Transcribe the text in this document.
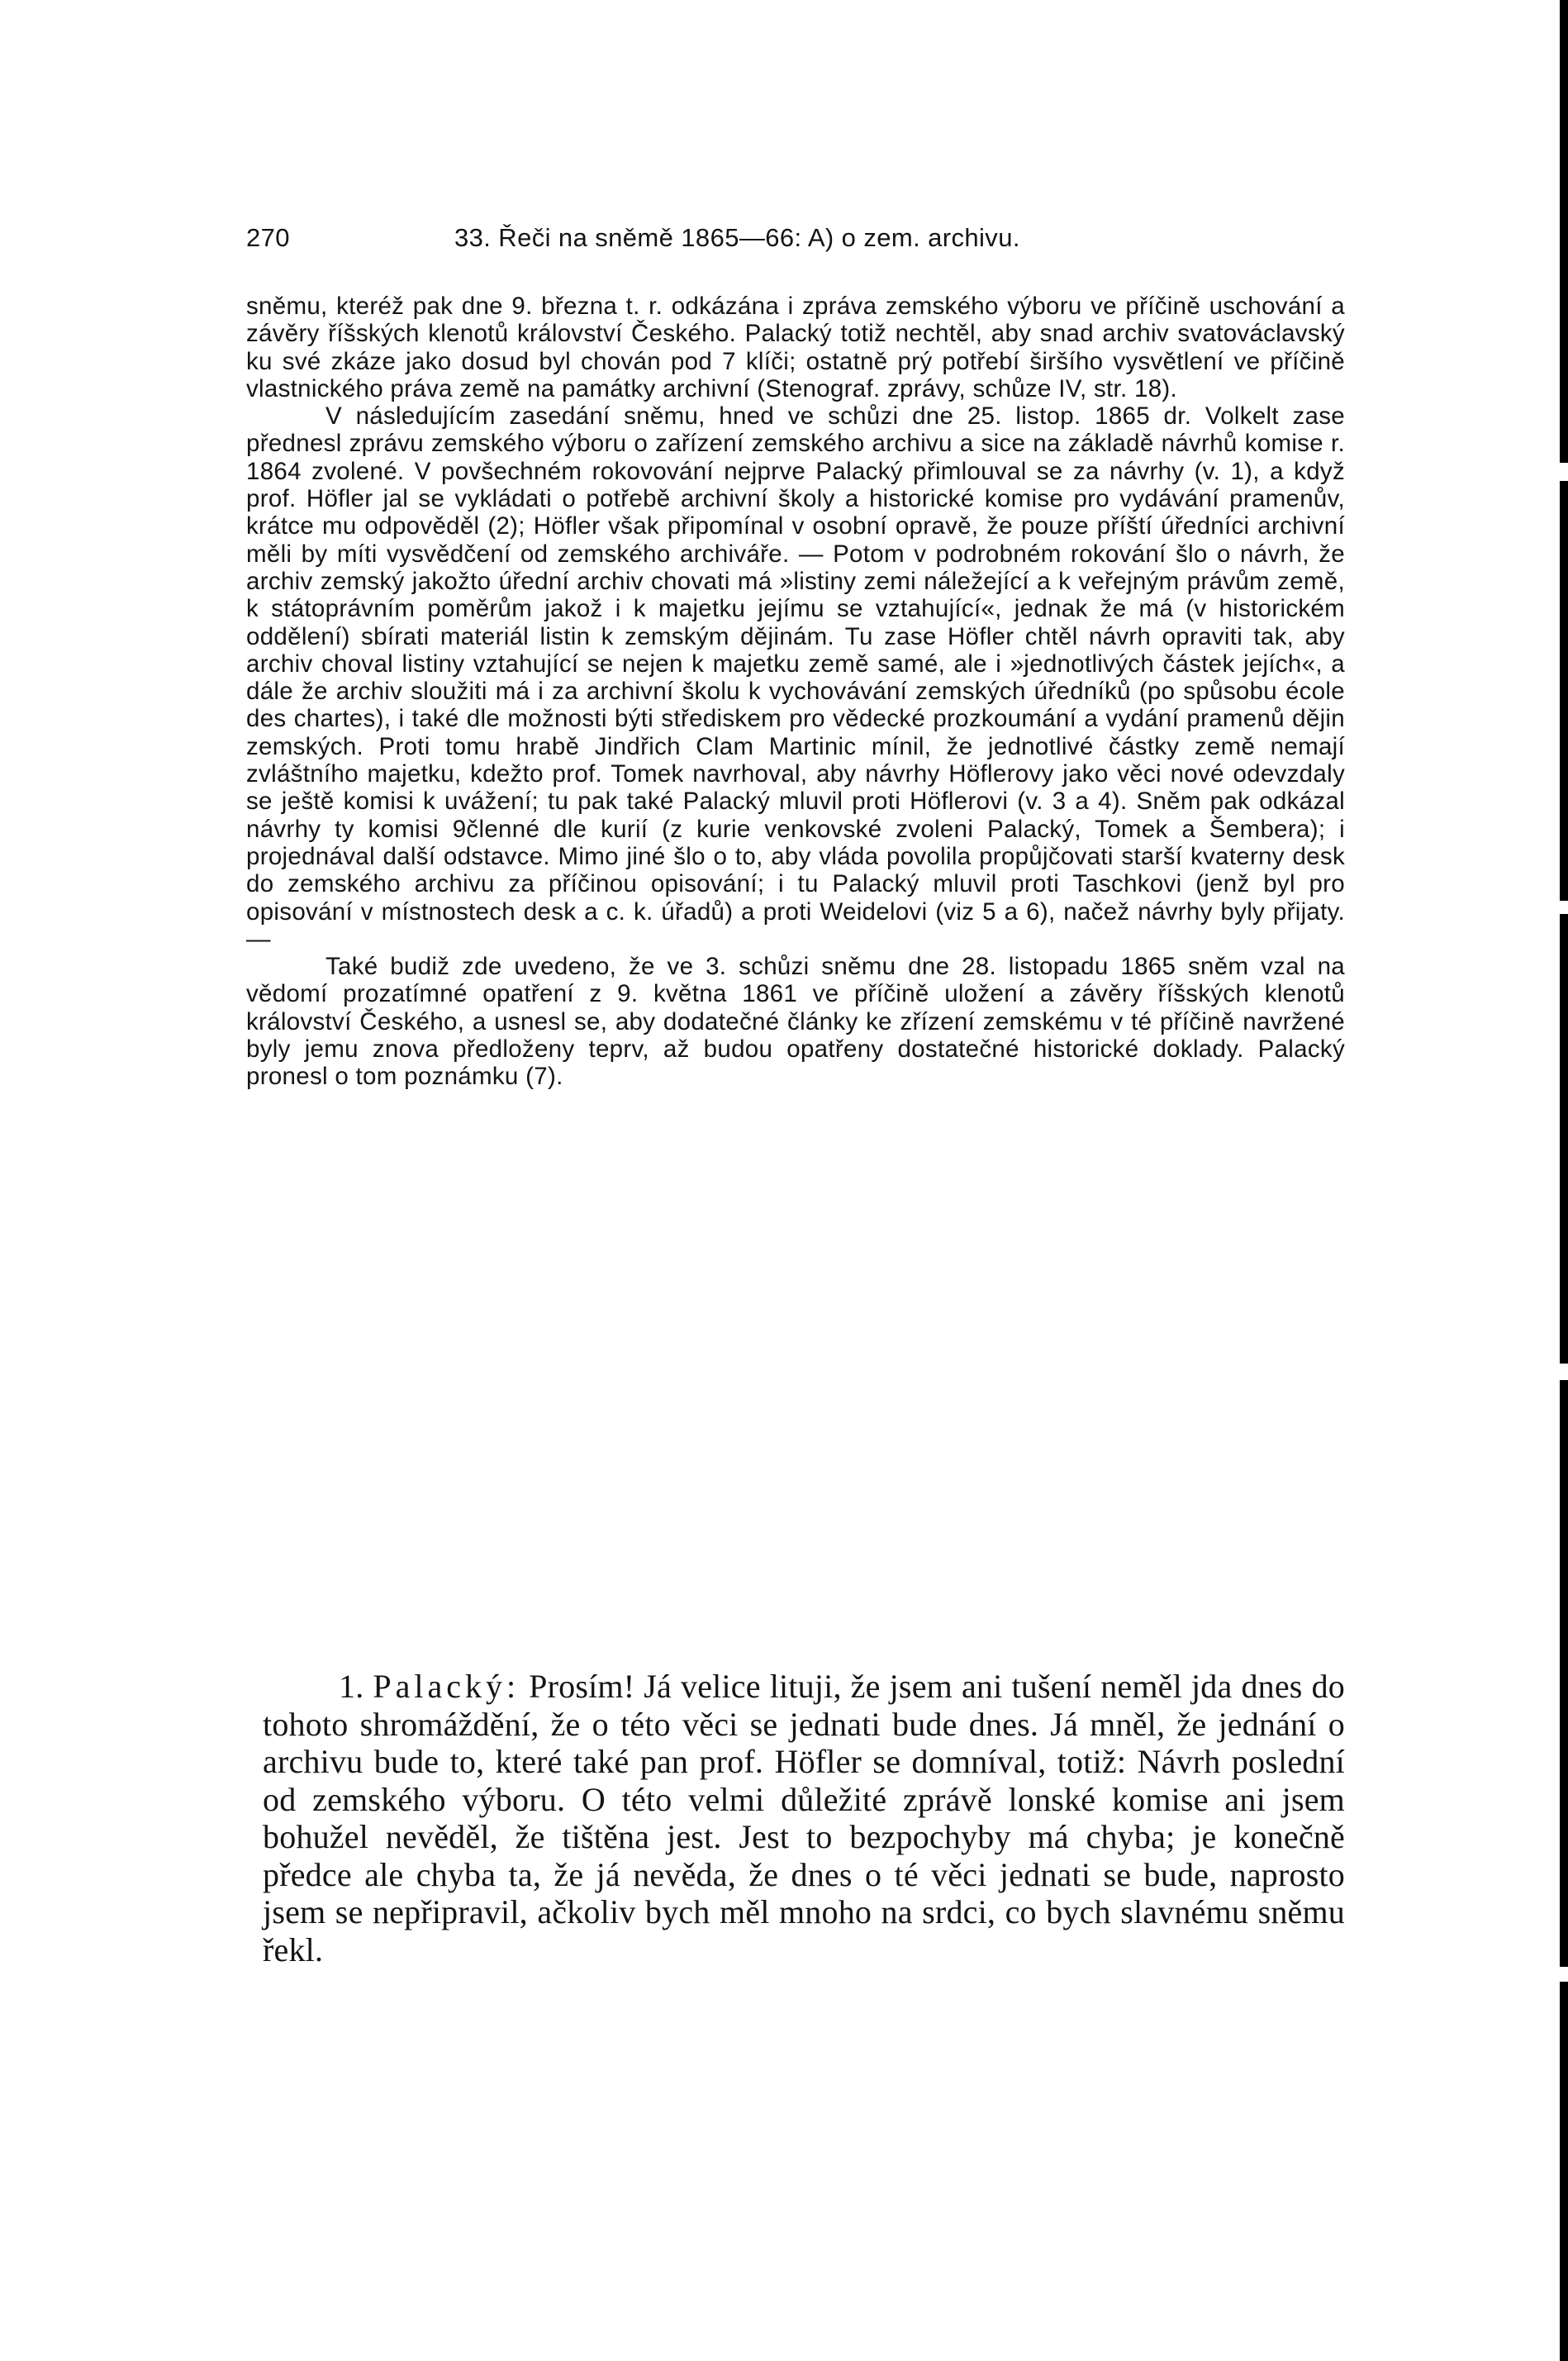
270	33. Řeči na sněmě 1865—66: A) o zem. archivu.

sněmu, kteréž pak dne 9. března t. r. odkázána i zpráva zemského výboru ve příčině uschování a závěry říšských klenotů království Českého. Palacký totiž nechtěl, aby snad archiv svatováclavský ku své zkáze jako dosud byl chován pod 7 klíči; ostatně prý potřebí širšího vysvětlení ve příčině vlastnického práva země na památky archivní (Stenograf. zprávy, schůze IV, str. 18).

V následujícím zasedání sněmu, hned ve schůzi dne 25. listop. 1865 dr. Volkelt zase přednesl zprávu zemského výboru o zařízení zemského archivu a sice na základě návrhů komise r. 1864 zvolené. V povšechném rokovování nejprve Palacký přimlouval se za návrhy (v. 1), a když prof. Höfler jal se vykládati o potřebě archivní školy a historické komise pro vydávání pramenův, krátce mu odpověděl (2); Höfler však připomínal v osobní opravě, že pouze příští úředníci archivní měli by míti vysvědčení od zemského archiváře. — Potom v podrobném rokování šlo o návrh, že archiv zemský jakožto úřední archiv chovati má »listiny zemi náležející a k veřejným právům země, k státoprávním poměrům jakož i k majetku jejímu se vztahující«, jednak že má (v historickém oddělení) sbírati materiál listin k zemským dějinám. Tu zase Höfler chtěl návrh opraviti tak, aby archiv choval listiny vztahující se nejen k majetku země samé, ale i »jednotlivých částek jejích«, a dále že archiv sloužiti má i za archivní školu k vychovávání zemských úředníků (po spůsobu école des chartes), i také dle možnosti býti střediskem pro vědecké prozkoumání a vydání pramenů dějin zemských. Proti tomu hrabě Jindřich Clam Martinic mínil, že jednotlivé částky země nemají zvláštního majetku, kdežto prof. Tomek navrhoval, aby návrhy Höflerovy jako věci nové odevzdaly se ještě komisi k uvážení; tu pak také Palacký mluvil proti Höflerovi (v. 3 a 4). Sněm pak odkázal návrhy ty komisi 9členné dle kurií (z kurie venkovské zvoleni Palacký, Tomek a Šembera); i projednával další odstavce. Mimo jiné šlo o to, aby vláda povolila propůjčovati starší kvaterny desk do zemského archivu za příčinou opisování; i tu Palacký mluvil proti Taschkovi (jenž byl pro opisování v místnostech desk a c. k. úřadů) a proti Weidelovi (viz 5 a 6), načež návrhy byly přijaty. —

Také budiž zde uvedeno, že ve 3. schůzi sněmu dne 28. listopadu 1865 sněm vzal na vědomí prozatímné opatření z 9. května 1861 ve příčině uložení a závěry říšských klenotů království Českého, a usnesl se, aby dodatečné články ke zřízení zemskému v té příčině navržené byly jemu znova předloženy teprv, až budou opatřeny dostatečné historické doklady. Palacký pronesl o tom poznámku (7).

1. Palacký: Prosím! Já velice lituji, že jsem ani tušení neměl jda dnes do tohoto shromáždění, že o této věci se jednati bude dnes. Já mněl, že jednání o archivu bude to, které také pan prof. Höfler se domníval, totiž: Návrh poslední od zemského výboru. O této velmi důležité zprávě lonské komise ani jsem bohužel nevěděl, že tištěna jest. Jest to bezpochyby má chyba; je konečně předce ale chyba ta, že já nevěda, že dnes o té věci jednati se bude, naprosto jsem se nepřipravil, ačkoliv bych měl mnoho na srdci, co bych slavnému sněmu řekl.
